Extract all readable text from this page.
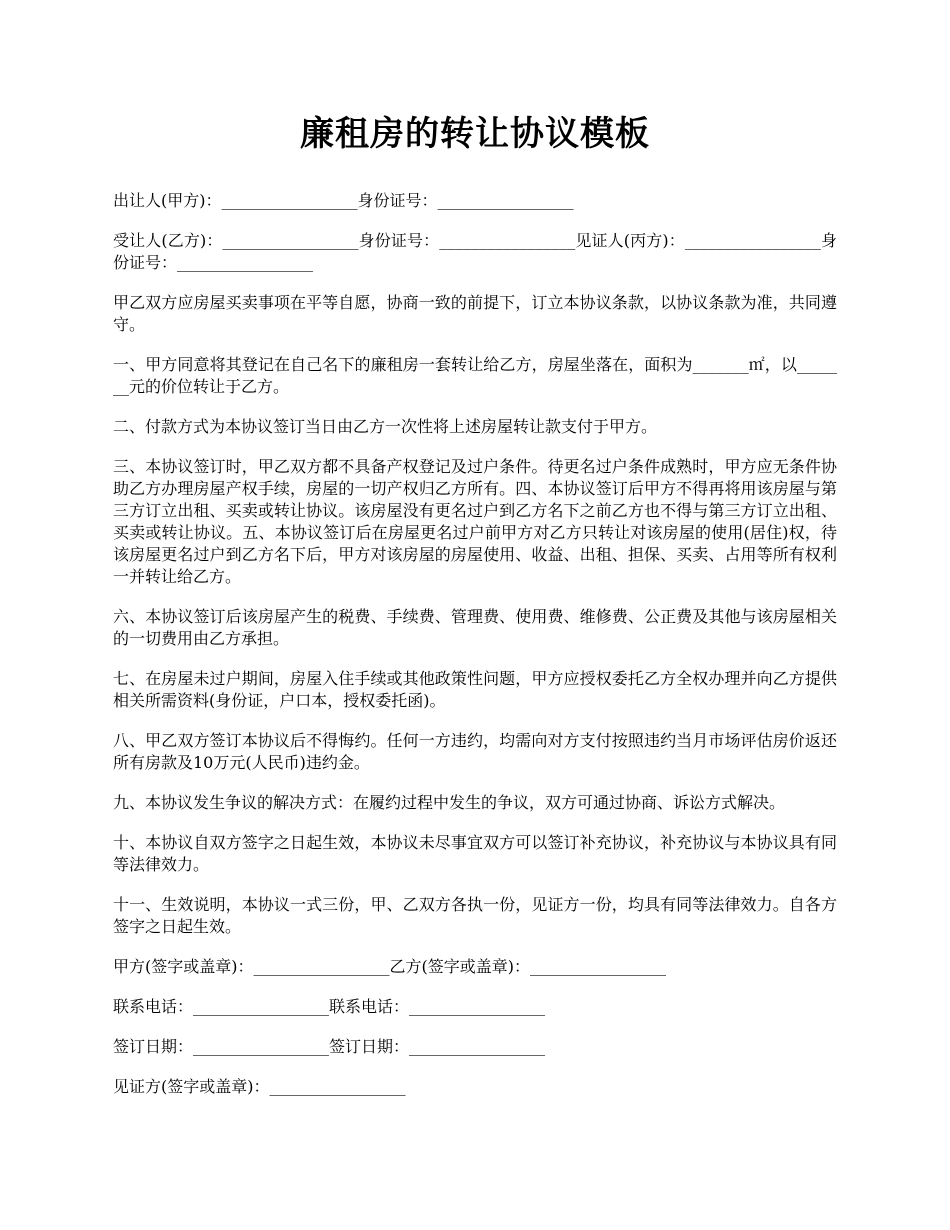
廉租房的转让协议模板

出让人(甲方)：_________________身份证号：_________________

受让人(乙方)：_________________身份证号：_________________见证人(丙方)：_________________身份证号：_________________

甲乙双方应房屋买卖事项在平等自愿，协商一致的前提下，订立本协议条款，以协议条款为准，共同遵守。

一、甲方同意将其登记在自己名下的廉租房一套转让给乙方，房屋坐落在，面积为_______㎡，以_______元的价位转让于乙方。

二、付款方式为本协议签订当日由乙方一次性将上述房屋转让款支付于甲方。

三、本协议签订时，甲乙双方都不具备产权登记及过户条件。待更名过户条件成熟时，甲方应无条件协助乙方办理房屋产权手续，房屋的一切产权归乙方所有。四、本协议签订后甲方不得再将用该房屋与第三方订立出租、买卖或转让协议。该房屋没有更名过户到乙方名下之前乙方也不得与第三方订立出租、买卖或转让协议。五、本协议签订后在房屋更名过户前甲方对乙方只转让对该房屋的使用(居住)权，待该房屋更名过户到乙方名下后，甲方对该房屋的房屋使用、收益、出租、担保、买卖、占用等所有权利一并转让给乙方。

六、本协议签订后该房屋产生的税费、手续费、管理费、使用费、维修费、公正费及其他与该房屋相关的一切费用由乙方承担。

七、在房屋未过户期间，房屋入住手续或其他政策性问题，甲方应授权委托乙方全权办理并向乙方提供相关所需资料(身份证，户口本，授权委托函)。

八、甲乙双方签订本协议后不得悔约。任何一方违约，均需向对方支付按照违约当月市场评估房价返还所有房款及10万元(人民币)违约金。

九、本协议发生争议的解决方式：在履约过程中发生的争议，双方可通过协商、诉讼方式解决。

十、本协议自双方签字之日起生效，本协议未尽事宜双方可以签订补充协议，补充协议与本协议具有同等法律效力。

十一、生效说明，本协议一式三份，甲、乙双方各执一份，见证方一份，均具有同等法律效力。自各方签字之日起生效。

甲方(签字或盖章)：_________________乙方(签字或盖章)：_________________

联系电话：_________________联系电话：_________________

签订日期：_________________签订日期：_________________

见证方(签字或盖章)：_________________
